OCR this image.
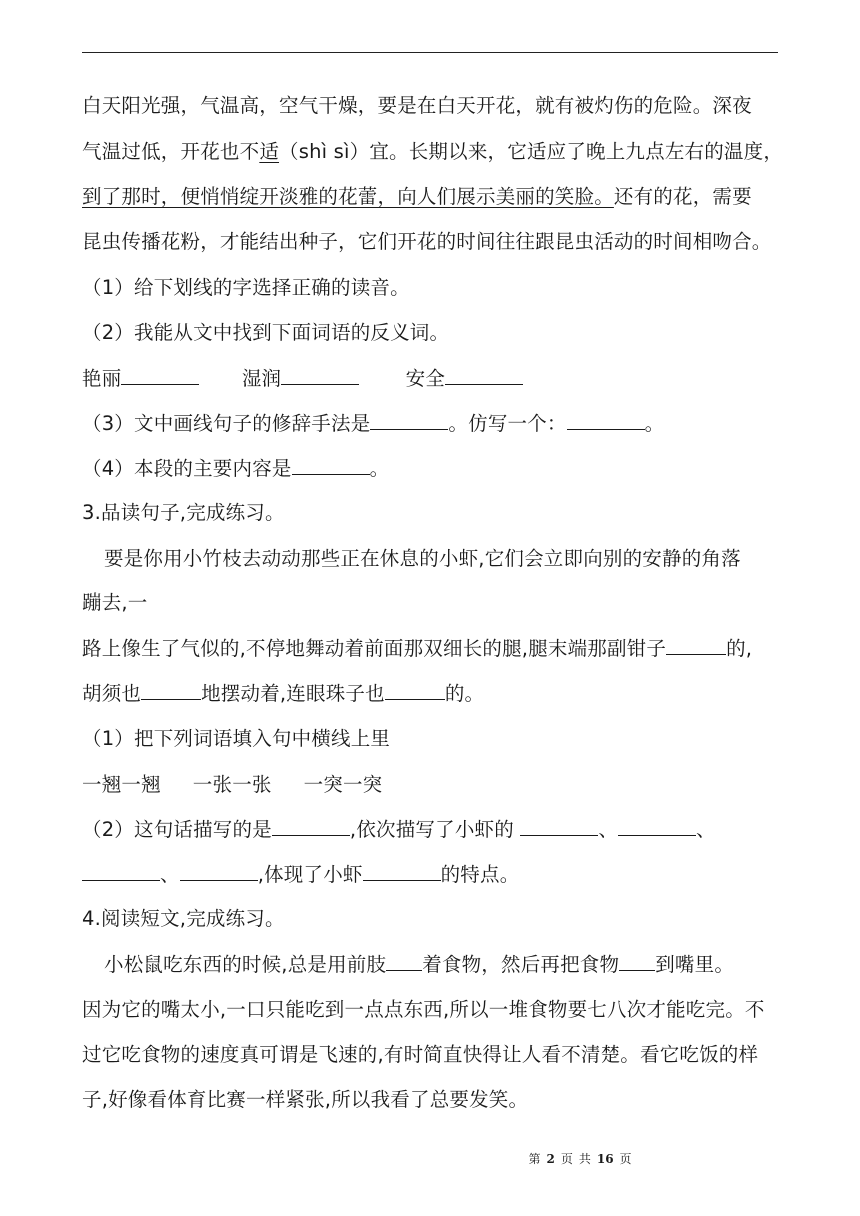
白天阳光强，气温高，空气干燥，要是在白天开花，就有被灼伤的危险。深夜
气温过低，开花也不适（shì sì）宜。长期以来，它适应了晚上九点左右的温度，
到了那时，便悄悄绽开淡雅的花蕾，向人们展示美丽的笑脸。还有的花，需要
昆虫传播花粉，才能结出种子，它们开花的时间往往跟昆虫活动的时间相吻合。
（1）给下划线的字选择正确的读音。
（2）我能从文中找到下面词语的反义词。
艳丽	湿润	安全
（3）文中画线句子的修辞手法是	。仿写一个：	。
（4）本段的主要内容是	。
3.品读句子,完成练习。
要是你用小竹枝去动动那些正在休息的小虾,它们会立即向别的安静的角落
蹦去,一
路上像生了气似的,不停地舞动着前面那双细长的腿,腿末端那副钳子	的,
胡须也	地摆动着,连眼珠子也	的。
（1）把下列词语填入句中横线上里
一翘一翘     一张一张     一突一突
（2）这句话描写的是	,依次描写了小虾的	、	、
、	,体现了小虾	的特点。
4.阅读短文,完成练习。
小松鼠吃东西的时候,总是用前肢 着食物，然后再把食物 到嘴里。
因为它的嘴太小,一口只能吃到一点点东西,所以一堆食物要七八次才能吃完。不
过它吃食物的速度真可谓是飞速的,有时简直快得让人看不清楚。看它吃饭的样
子,好像看体育比赛一样紧张,所以我看了总要发笑。
第 2 页 共 16 页
